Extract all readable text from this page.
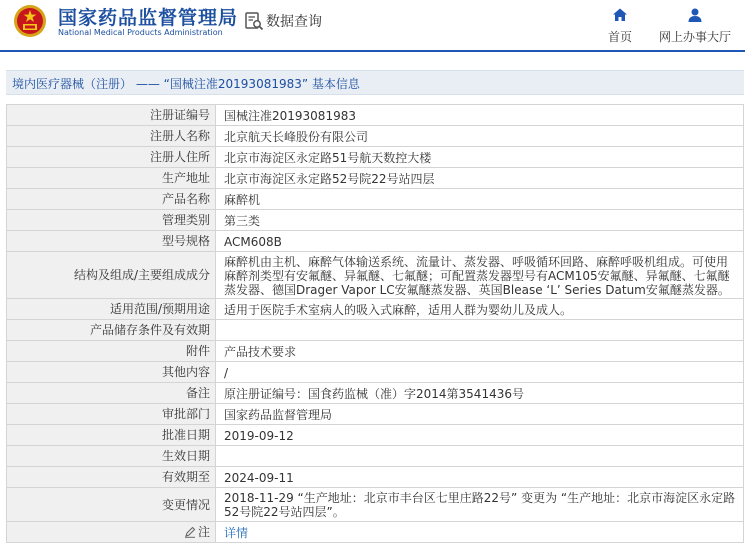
国家药品监督管理局
National Medical Products Administration
数据查询
首页	网上办事大厅
境内医疗器械（注册） —— “国械注准20193081983” 基本信息
注册证编号	国械注准20193081983
注册人名称	北京航天长峰股份有限公司
注册人住所	北京市海淀区永定路51号航天数控大楼
生产地址	北京市海淀区永定路52号院22号站四层
产品名称	麻醉机
管理类别	第三类
型号规格	ACM608B
结构及组成/主要组成成分	麻醉机由主机、麻醉气体输送系统、流量计、蒸发器、呼吸循环回路、麻醉呼吸机组成。可使用麻醉剂类型有安氟醚、异氟醚、七氟醚；可配置蒸发器型号有ACM105安氟醚、异氟醚、七氟醚蒸发器、德国Drager Vapor LC安氟醚蒸发器、英国Blease ‘L’ Series Datum安氟醚蒸发器。
适用范围/预期用途	适用于医院手术室病人的吸入式麻醉，适用人群为婴幼儿及成人。
产品储存条件及有效期	
附件	产品技术要求
其他内容	/
备注	原注册证编号：国食药监械（准）字2014第3541436号
审批部门	国家药品监督管理局
批准日期	2019-09-12
生效日期	
有效期至	2024-09-11
变更情况	2018-11-29 “生产地址：北京市丰台区七里庄路22号” 变更为 “生产地址：北京市海淀区永定路52号院22号站四层”。
注	详情
